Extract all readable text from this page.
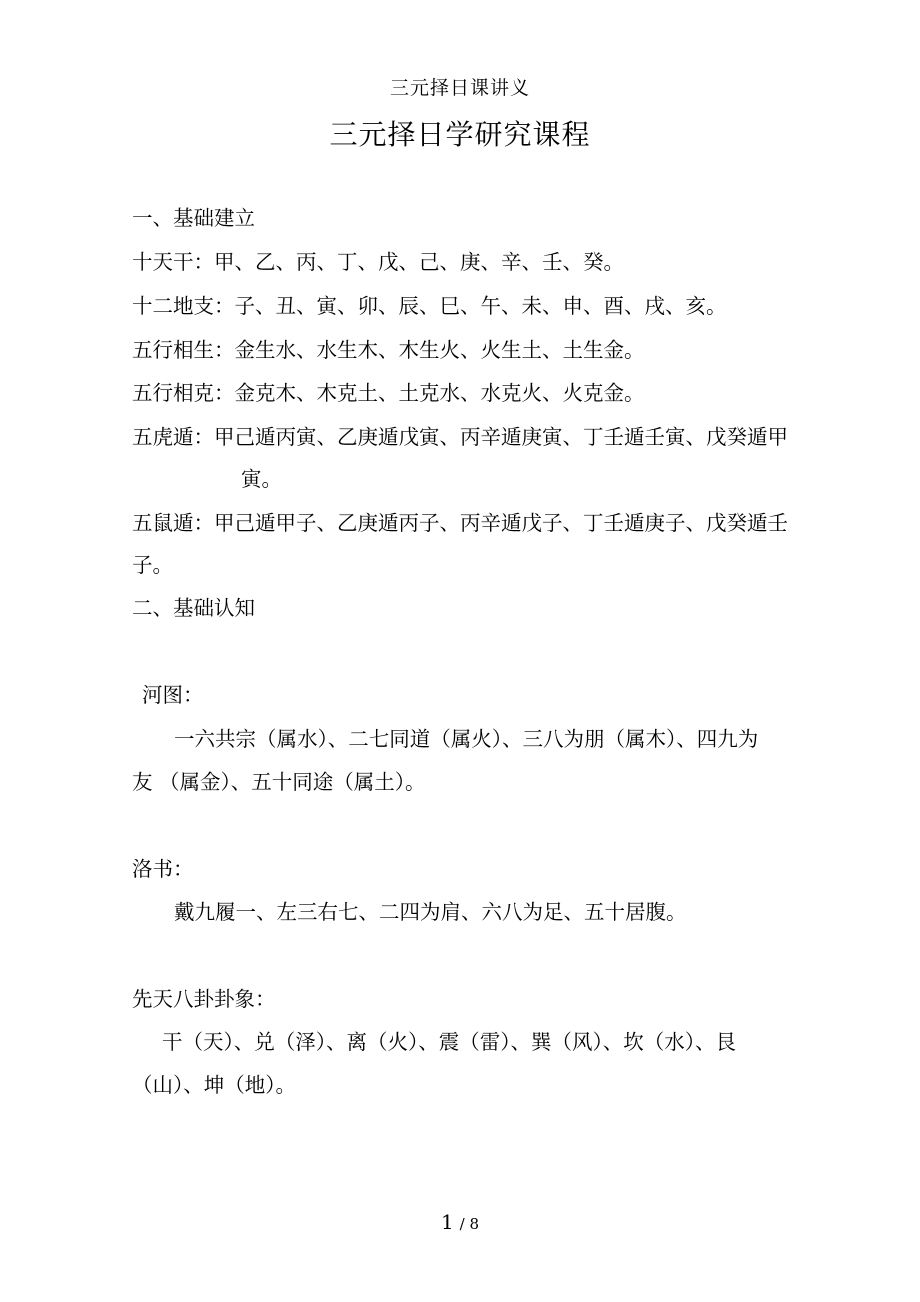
三元择日课讲义
三元择日学研究课程
一、基础建立
十天干：甲、乙、丙、丁、戊、己、庚、辛、壬、癸。
十二地支：子、丑、寅、卯、辰、巳、午、未、申、酉、戌、亥。
五行相生：金生水、水生木、木生火、火生土、土生金。
五行相克：金克木、木克土、土克水、水克火、火克金。
五虎遁：甲己遁丙寅、乙庚遁戊寅、丙辛遁庚寅、丁壬遁壬寅、戊癸遁甲
寅。
五鼠遁：甲己遁甲子、乙庚遁丙子、丙辛遁戊子、丁壬遁庚子、戊癸遁壬
子。
二、基础认知
河图：
一六共宗（属水）、二七同道（属火）、三八为朋（属木）、四九为
友 （属金）、五十同途（属土）。
洛书：
戴九履一、左三右七、二四为肩、六八为足、五十居腹。
先天八卦卦象：
干（天）、兑（泽）、离（火）、震（雷）、巽（风）、坎（水）、艮
（山）、坤（地）。
1 / 8
